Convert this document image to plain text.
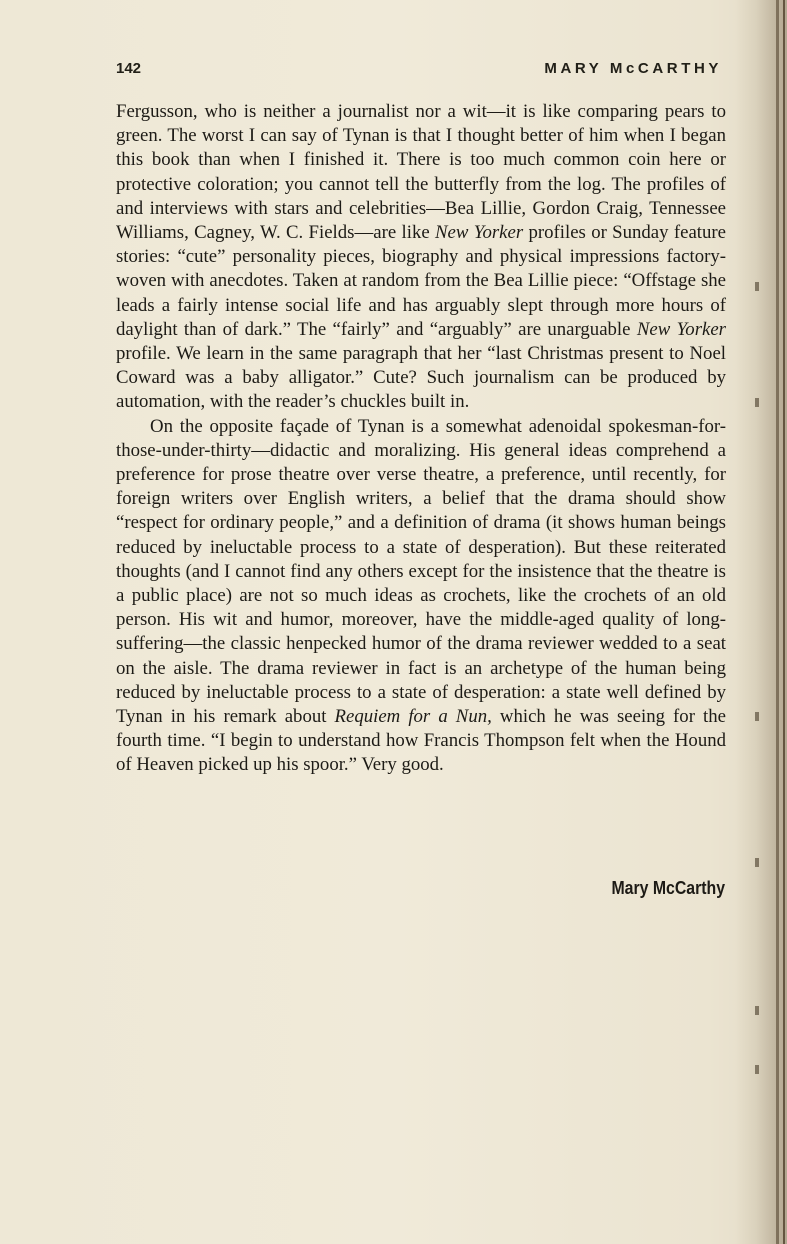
142	MARY McCARTHY

Fergusson, who is neither a journalist nor a wit—it is like comparing pears to green. The worst I can say of Tynan is that I thought better of him when I began this book than when I finished it. There is too much common coin here or protective coloration; you cannot tell the butterfly from the log. The profiles of and interviews with stars and celebrities—Bea Lillie, Gordon Craig, Tennessee Williams, Cagney, W. C. Fields—are like New Yorker profiles or Sunday feature stories: “cute” personality pieces, biography and physical impressions factory-woven with anecdotes. Taken at random from the Bea Lillie piece: “Offstage she leads a fairly intense social life and has arguably slept through more hours of daylight than of dark.” The “fairly” and “arguably” are unarguable New Yorker profile. We learn in the same paragraph that her “last Christmas present to Noel Coward was a baby alligator.” Cute? Such journalism can be produced by automation, with the reader’s chuckles built in.

On the opposite façade of Tynan is a somewhat adenoidal spokesman-for-those-under-thirty—didactic and moralizing. His general ideas comprehend a preference for prose theatre over verse theatre, a preference, until recently, for foreign writers over English writers, a belief that the drama should show “respect for ordinary people,” and a definition of drama (it shows human beings reduced by ineluctable process to a state of desperation). But these reiterated thoughts (and I cannot find any others except for the insistence that the theatre is a public place) are not so much ideas as crochets, like the crochets of an old person. His wit and humor, moreover, have the middle-aged quality of long-suffering—the classic henpecked humor of the drama reviewer wedded to a seat on the aisle. The drama reviewer in fact is an archetype of the human being reduced by ineluctable process to a state of desperation: a state well defined by Tynan in his remark about Requiem for a Nun, which he was seeing for the fourth time. “I begin to understand how Francis Thompson felt when the Hound of Heaven picked up his spoor.” Very good.

Mary McCarthy
